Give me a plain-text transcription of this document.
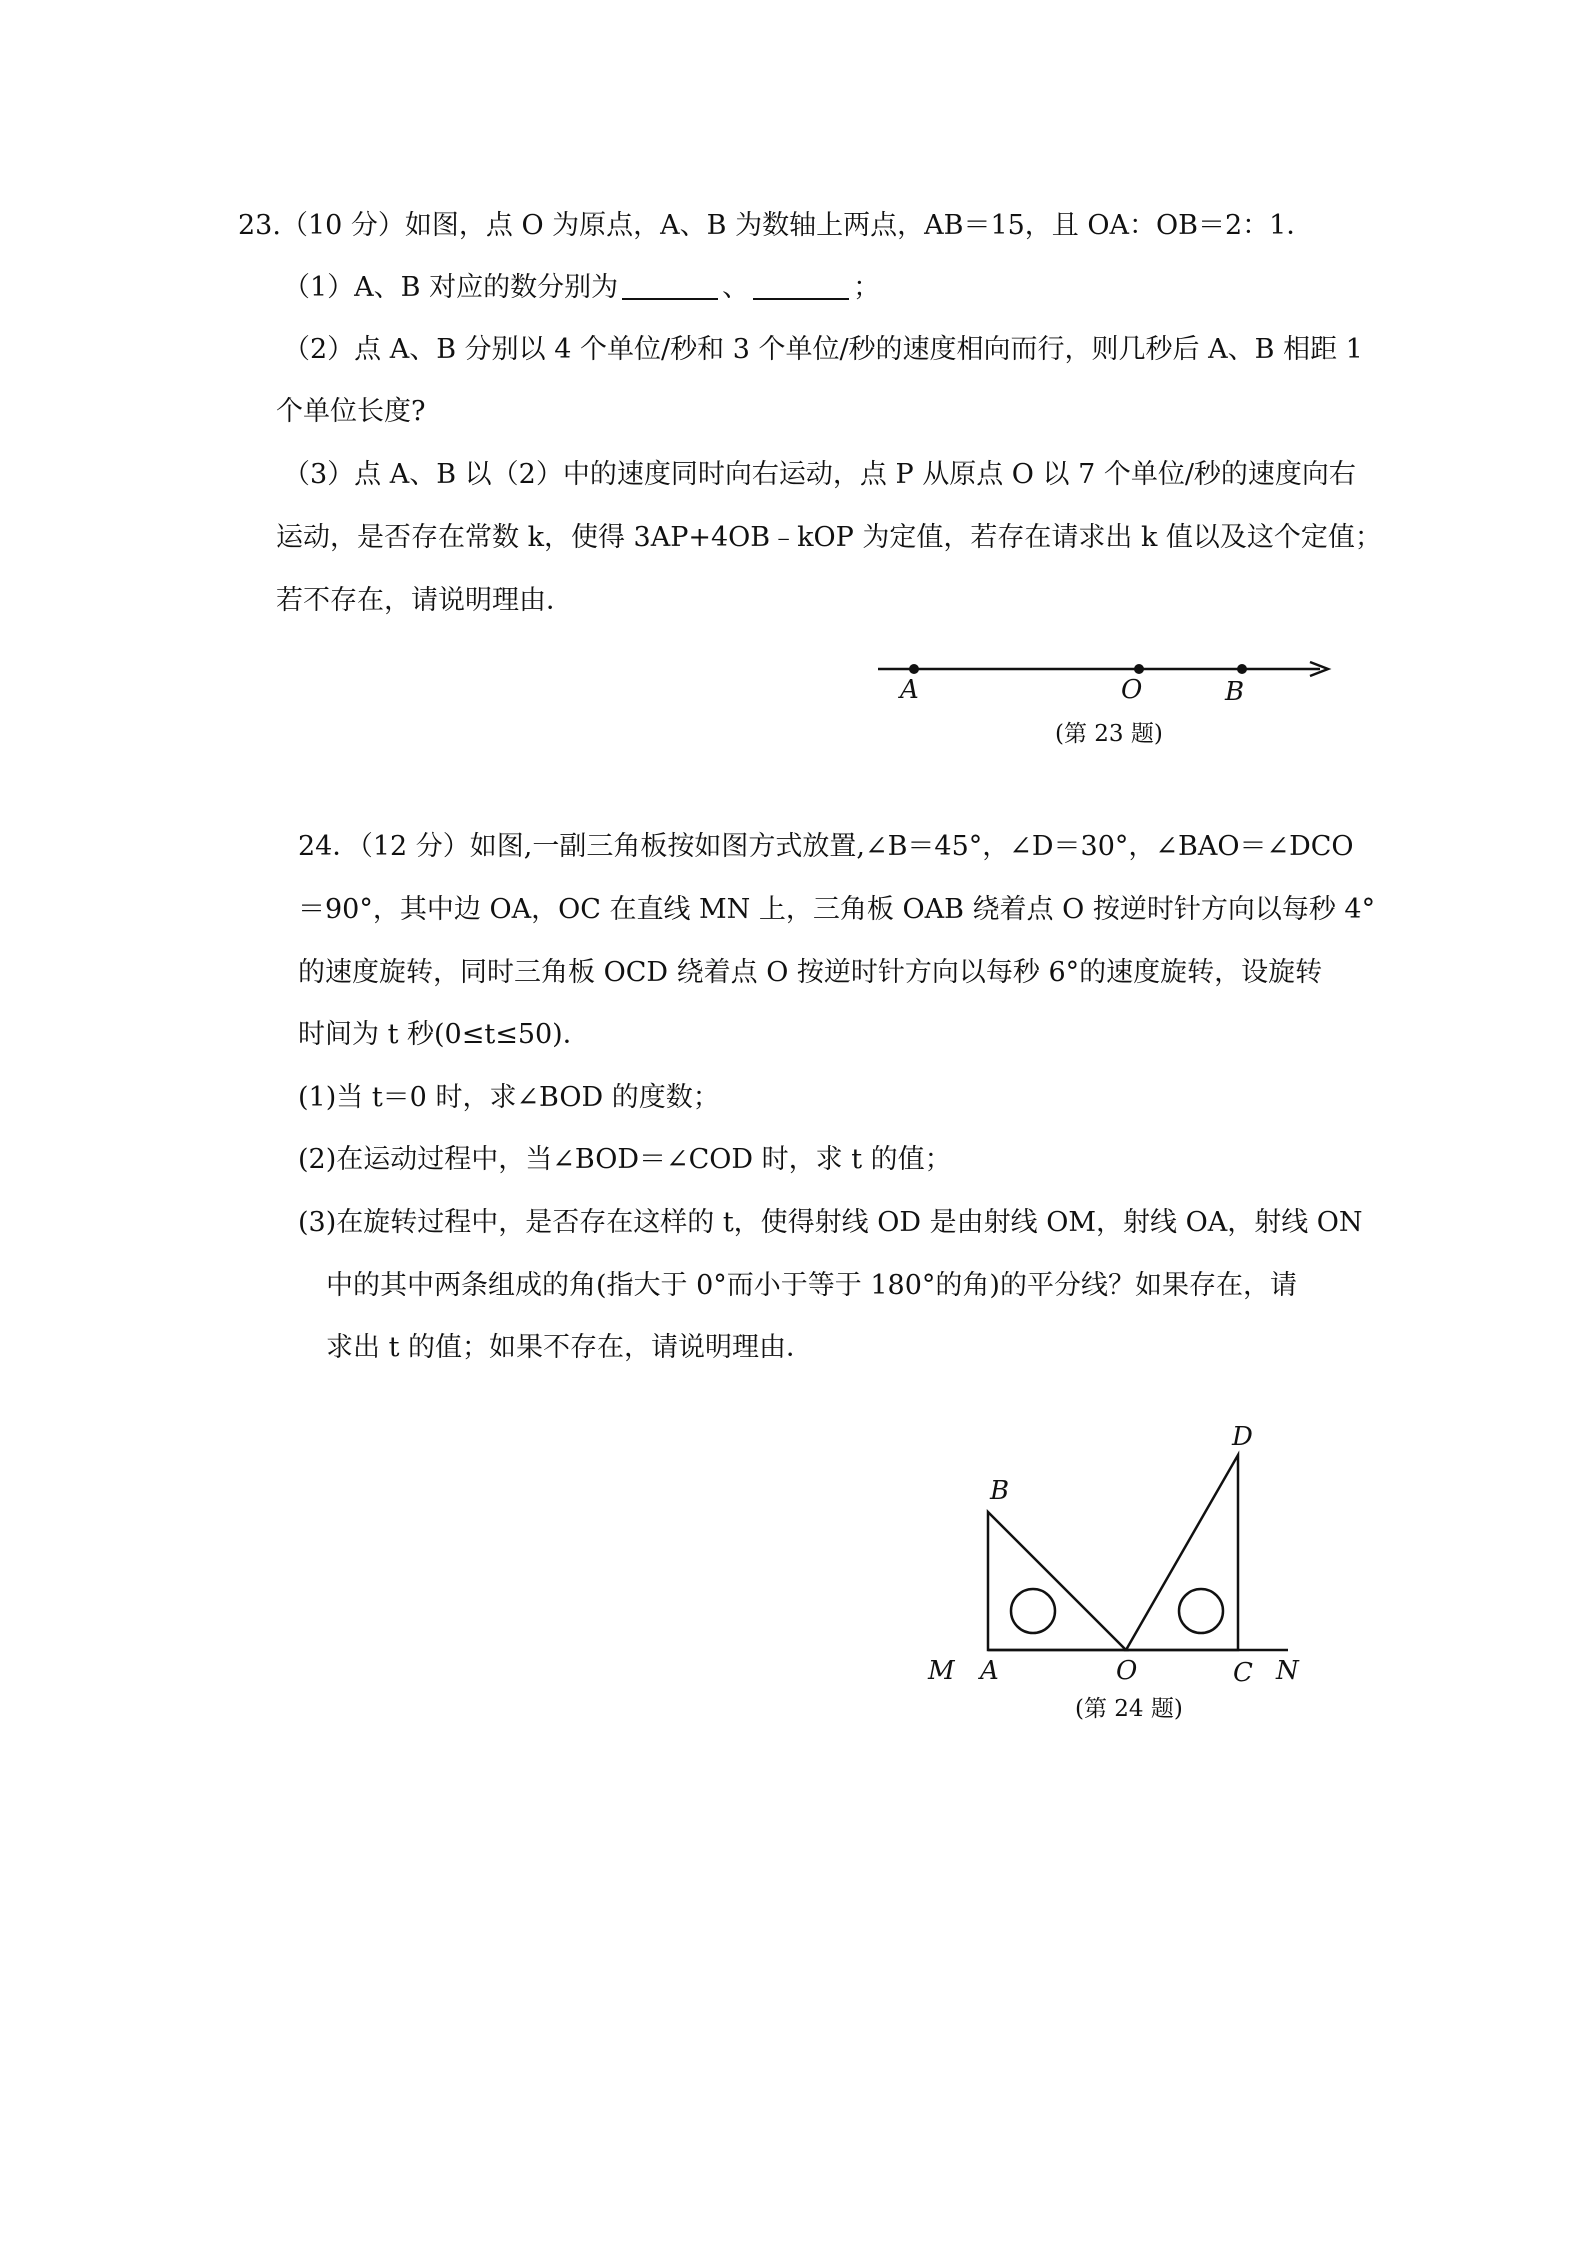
23.（10 分）如图，点 O 为原点，A、B 为数轴上两点，AB＝15，且 OA：OB＝2：1．
（1）A、B 对应的数分别为	、	；
（2）点 A、B 分别以 4 个单位/秒和 3 个单位/秒的速度相向而行，则几秒后 A、B 相距 1
个单位长度?
（3）点 A、B 以（2）中的速度同时向右运动，点 P 从原点 O 以 7 个单位/秒的速度向右
运动，是否存在常数 k，使得 3AP+4OB﹣kOP 为定值，若存在请求出 k 值以及这个定值；
若不存在，请说明理由．
A	O	B
(第 23 题)
24．（12 分）如图,一副三角板按如图方式放置,∠B＝45°，∠D＝30°，∠BAO＝∠DCO
＝90°，其中边 OA，OC 在直线 MN 上，三角板 OAB 绕着点 O 按逆时针方向以每秒 4°
的速度旋转，同时三角板 OCD 绕着点 O 按逆时针方向以每秒 6°的速度旋转，设旋转
时间为 t 秒(0≤t≤50)．
(1)当 t＝0 时，求∠BOD 的度数；
(2)在运动过程中，当∠BOD＝∠COD 时，求 t 的值；
(3)在旋转过程中，是否存在这样的 t，使得射线 OD 是由射线 OM，射线 OA，射线 ON
中的其中两条组成的角(指大于 0°而小于等于 180°的角)的平分线？如果存在，请
求出 t 的值；如果不存在，请说明理由．
B
D
M A	O	C N
(第 24 题)
